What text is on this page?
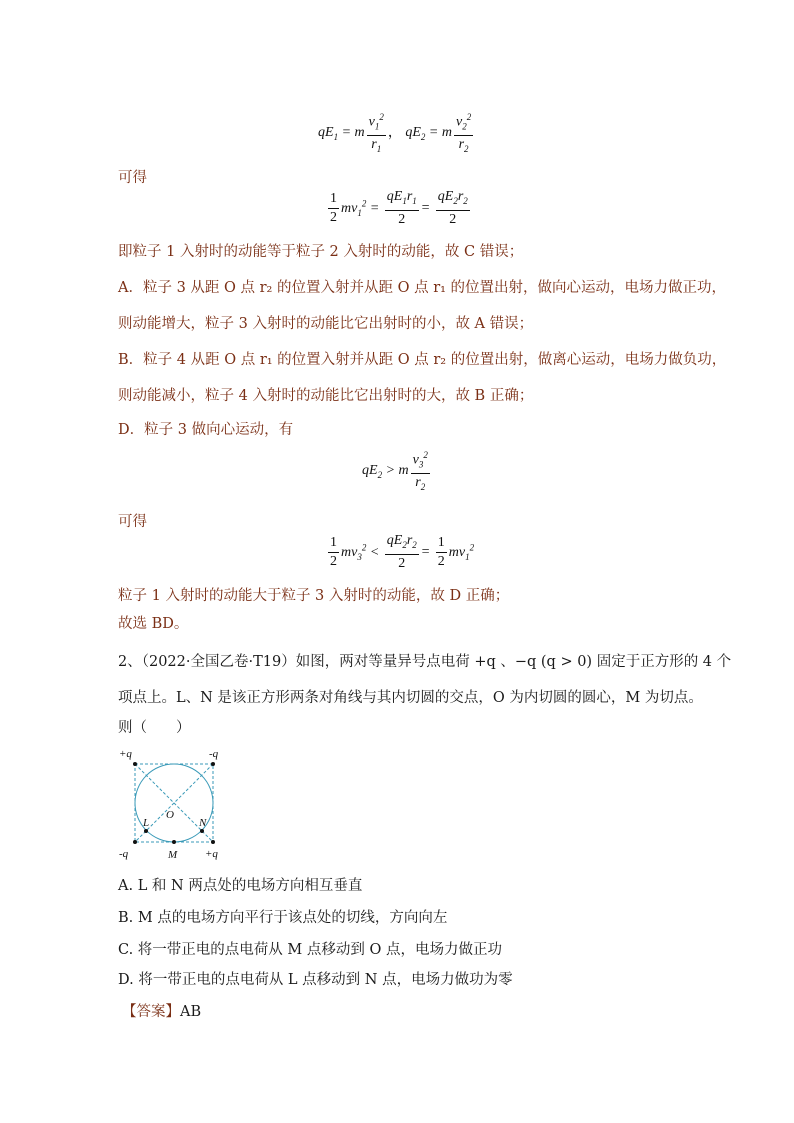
$qE_1 = m \frac{v_1^2}{r_1}$ ， $qE_2 = m \frac{v_2^2}{r_2}$
可得
$\frac{1}{2} mv_1^2 = \frac{qE_1r_1}{2} = \frac{qE_2r_2}{2}$
即粒子 1 入射时的动能等于粒子 2 入射时的动能，故 C 错误；
A．粒子 3 从距 O 点 r₂ 的位置入射并从距 O 点 r₁ 的位置出射，做向心运动，电场力做正功，
则动能增大，粒子 3 入射时的动能比它出射时的小，故 A 错误；
B．粒子 4 从距 O 点 r₁ 的位置入射并从距 O 点 r₂ 的位置出射，做离心运动，电场力做负功，
则动能减小，粒子 4 入射时的动能比它出射时的大，故 B 正确；
D．粒子 3 做向心运动，有
$qE_2 > m \frac{v_3^2}{r_2}$
可得
$\frac{1}{2} mv_3^2 < \frac{qE_2r_2}{2} = \frac{1}{2} mv_1^2$
粒子 1 入射时的动能大于粒子 3 入射时的动能，故 D 正确；
故选 BD。
2、（2022·全国乙卷·T19）如图，两对等量异号点电荷 +q 、−q (q > 0) 固定于正方形的 4 个
项点上。L、N 是该正方形两条对角线与其内切圆的交点，O 为内切圆的圆心，M 为切点。
则（　　）
+q	-q
-q	+q
L
O
N
M
A. L 和 N 两点处的电场方向相互垂直
B. M 点的电场方向平行于该点处的切线，方向向左
C. 将一带正电的点电荷从 M 点移动到 O 点，电场力做正功
D. 将一带正电的点电荷从 L 点移动到 N 点，电场力做功为零
【答案】AB
